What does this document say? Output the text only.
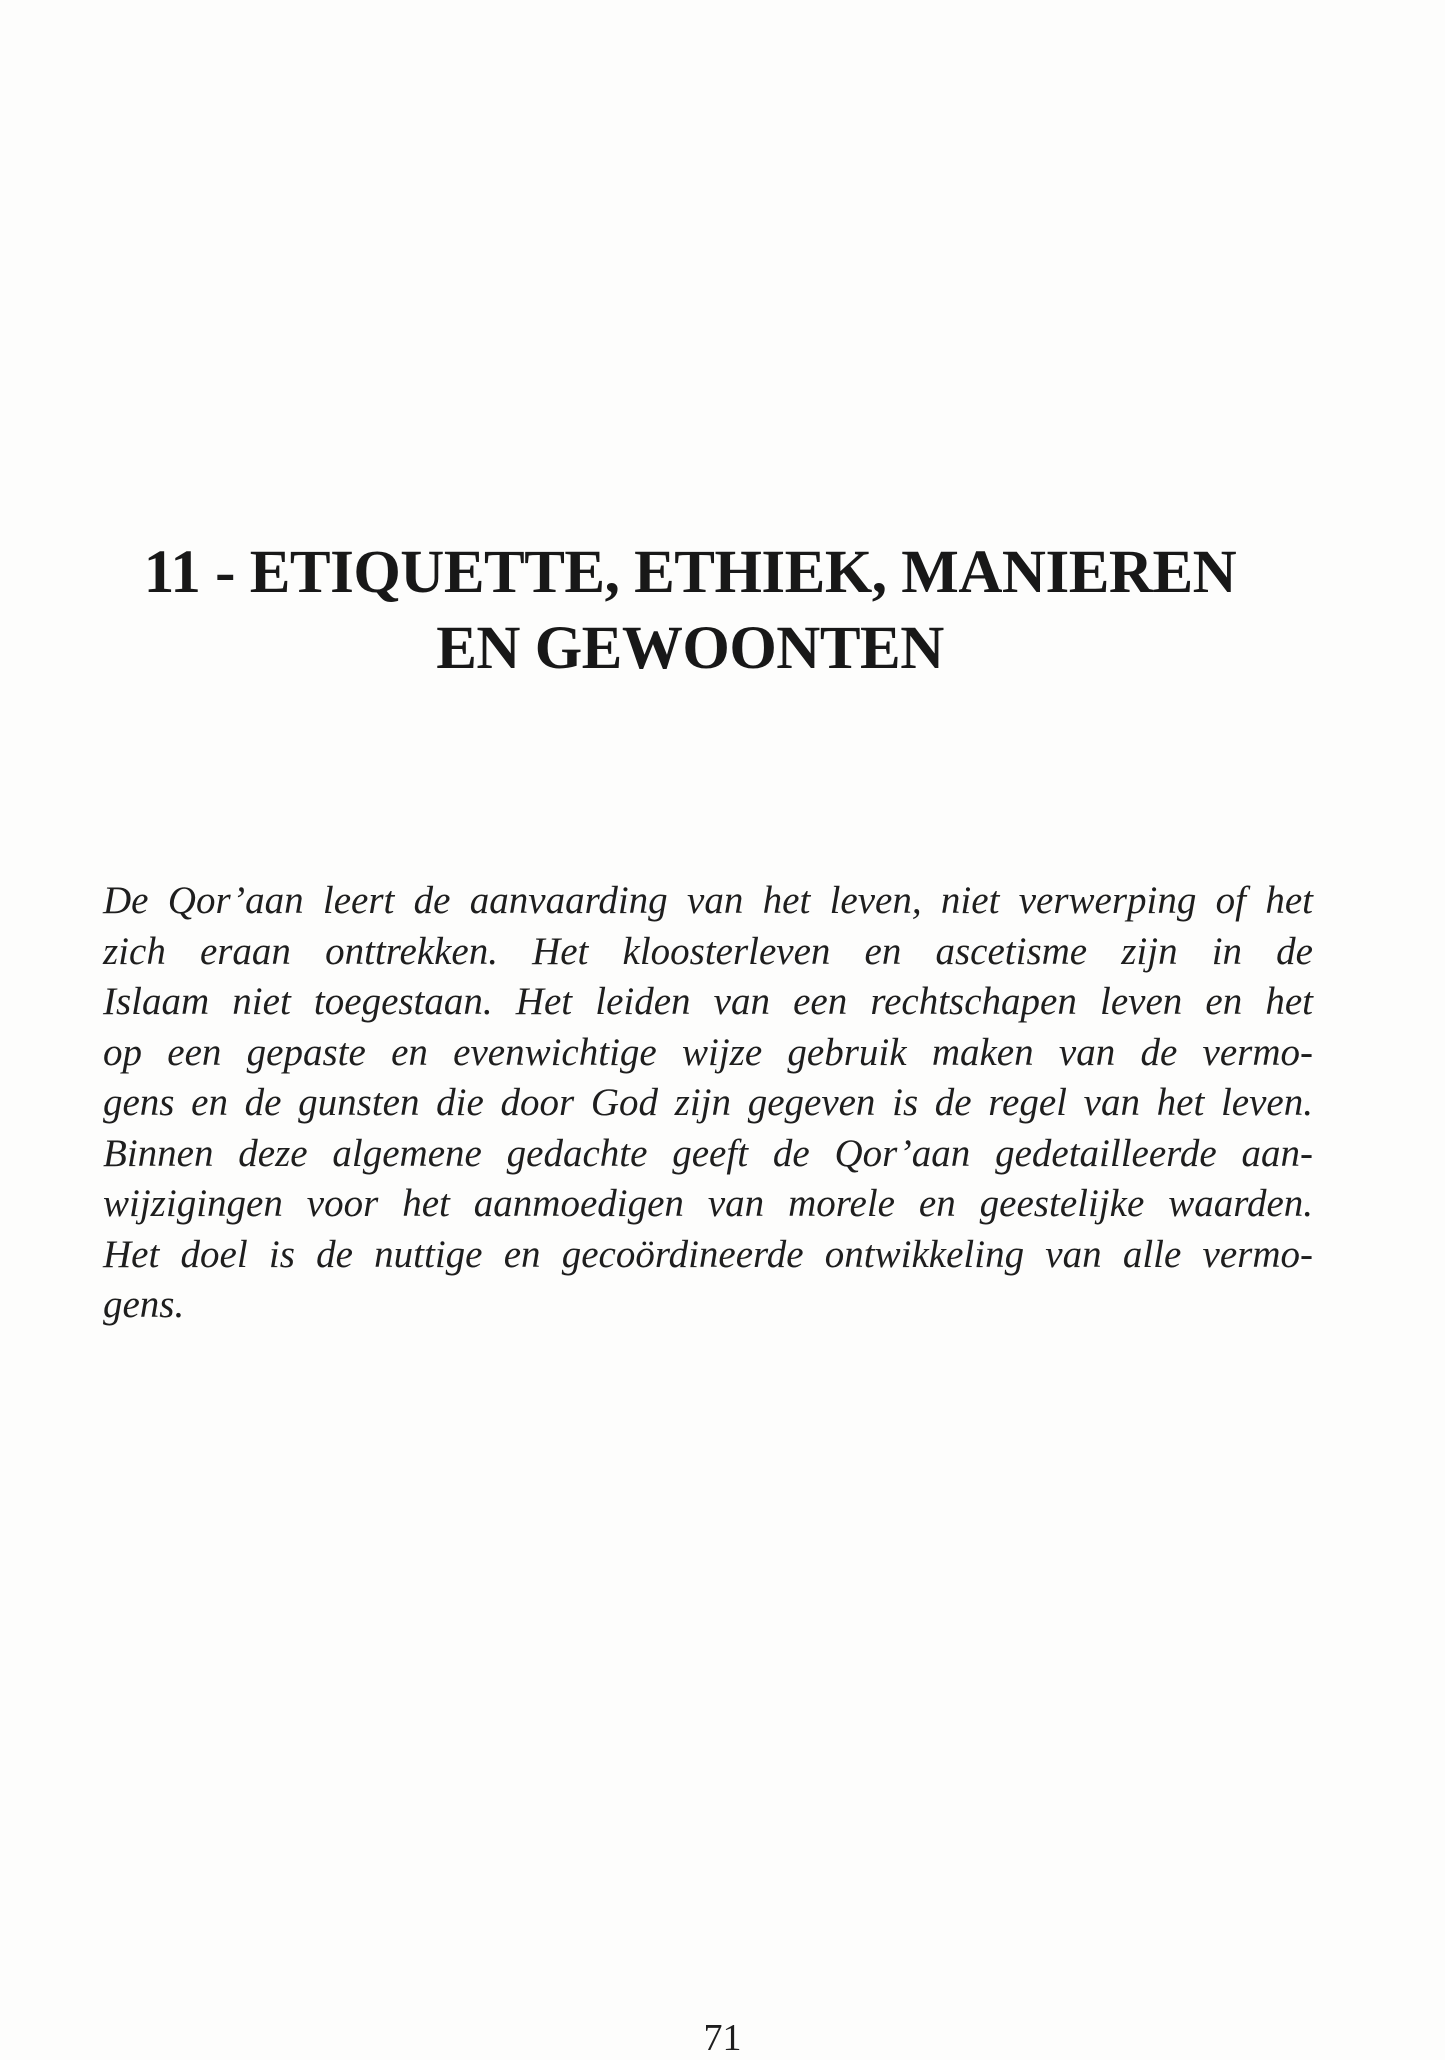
11 - ETIQUETTE, ETHIEK, MANIEREN
EN GEWOONTEN

De Qor’aan leert de aanvaarding van het leven, niet verwerping of het
zich eraan onttrekken. Het kloosterleven en ascetisme zijn in de
Islaam niet toegestaan. Het leiden van een rechtschapen leven en het
op een gepaste en evenwichtige wijze gebruik maken van de vermo-
gens en de gunsten die door God zijn gegeven is de regel van het leven.
Binnen deze algemene gedachte geeft de Qor’aan gedetailleerde aan-
wijzigingen voor het aanmoedigen van morele en geestelijke waarden.
Het doel is de nuttige en gecoördineerde ontwikkeling van alle vermo-
gens.

71
